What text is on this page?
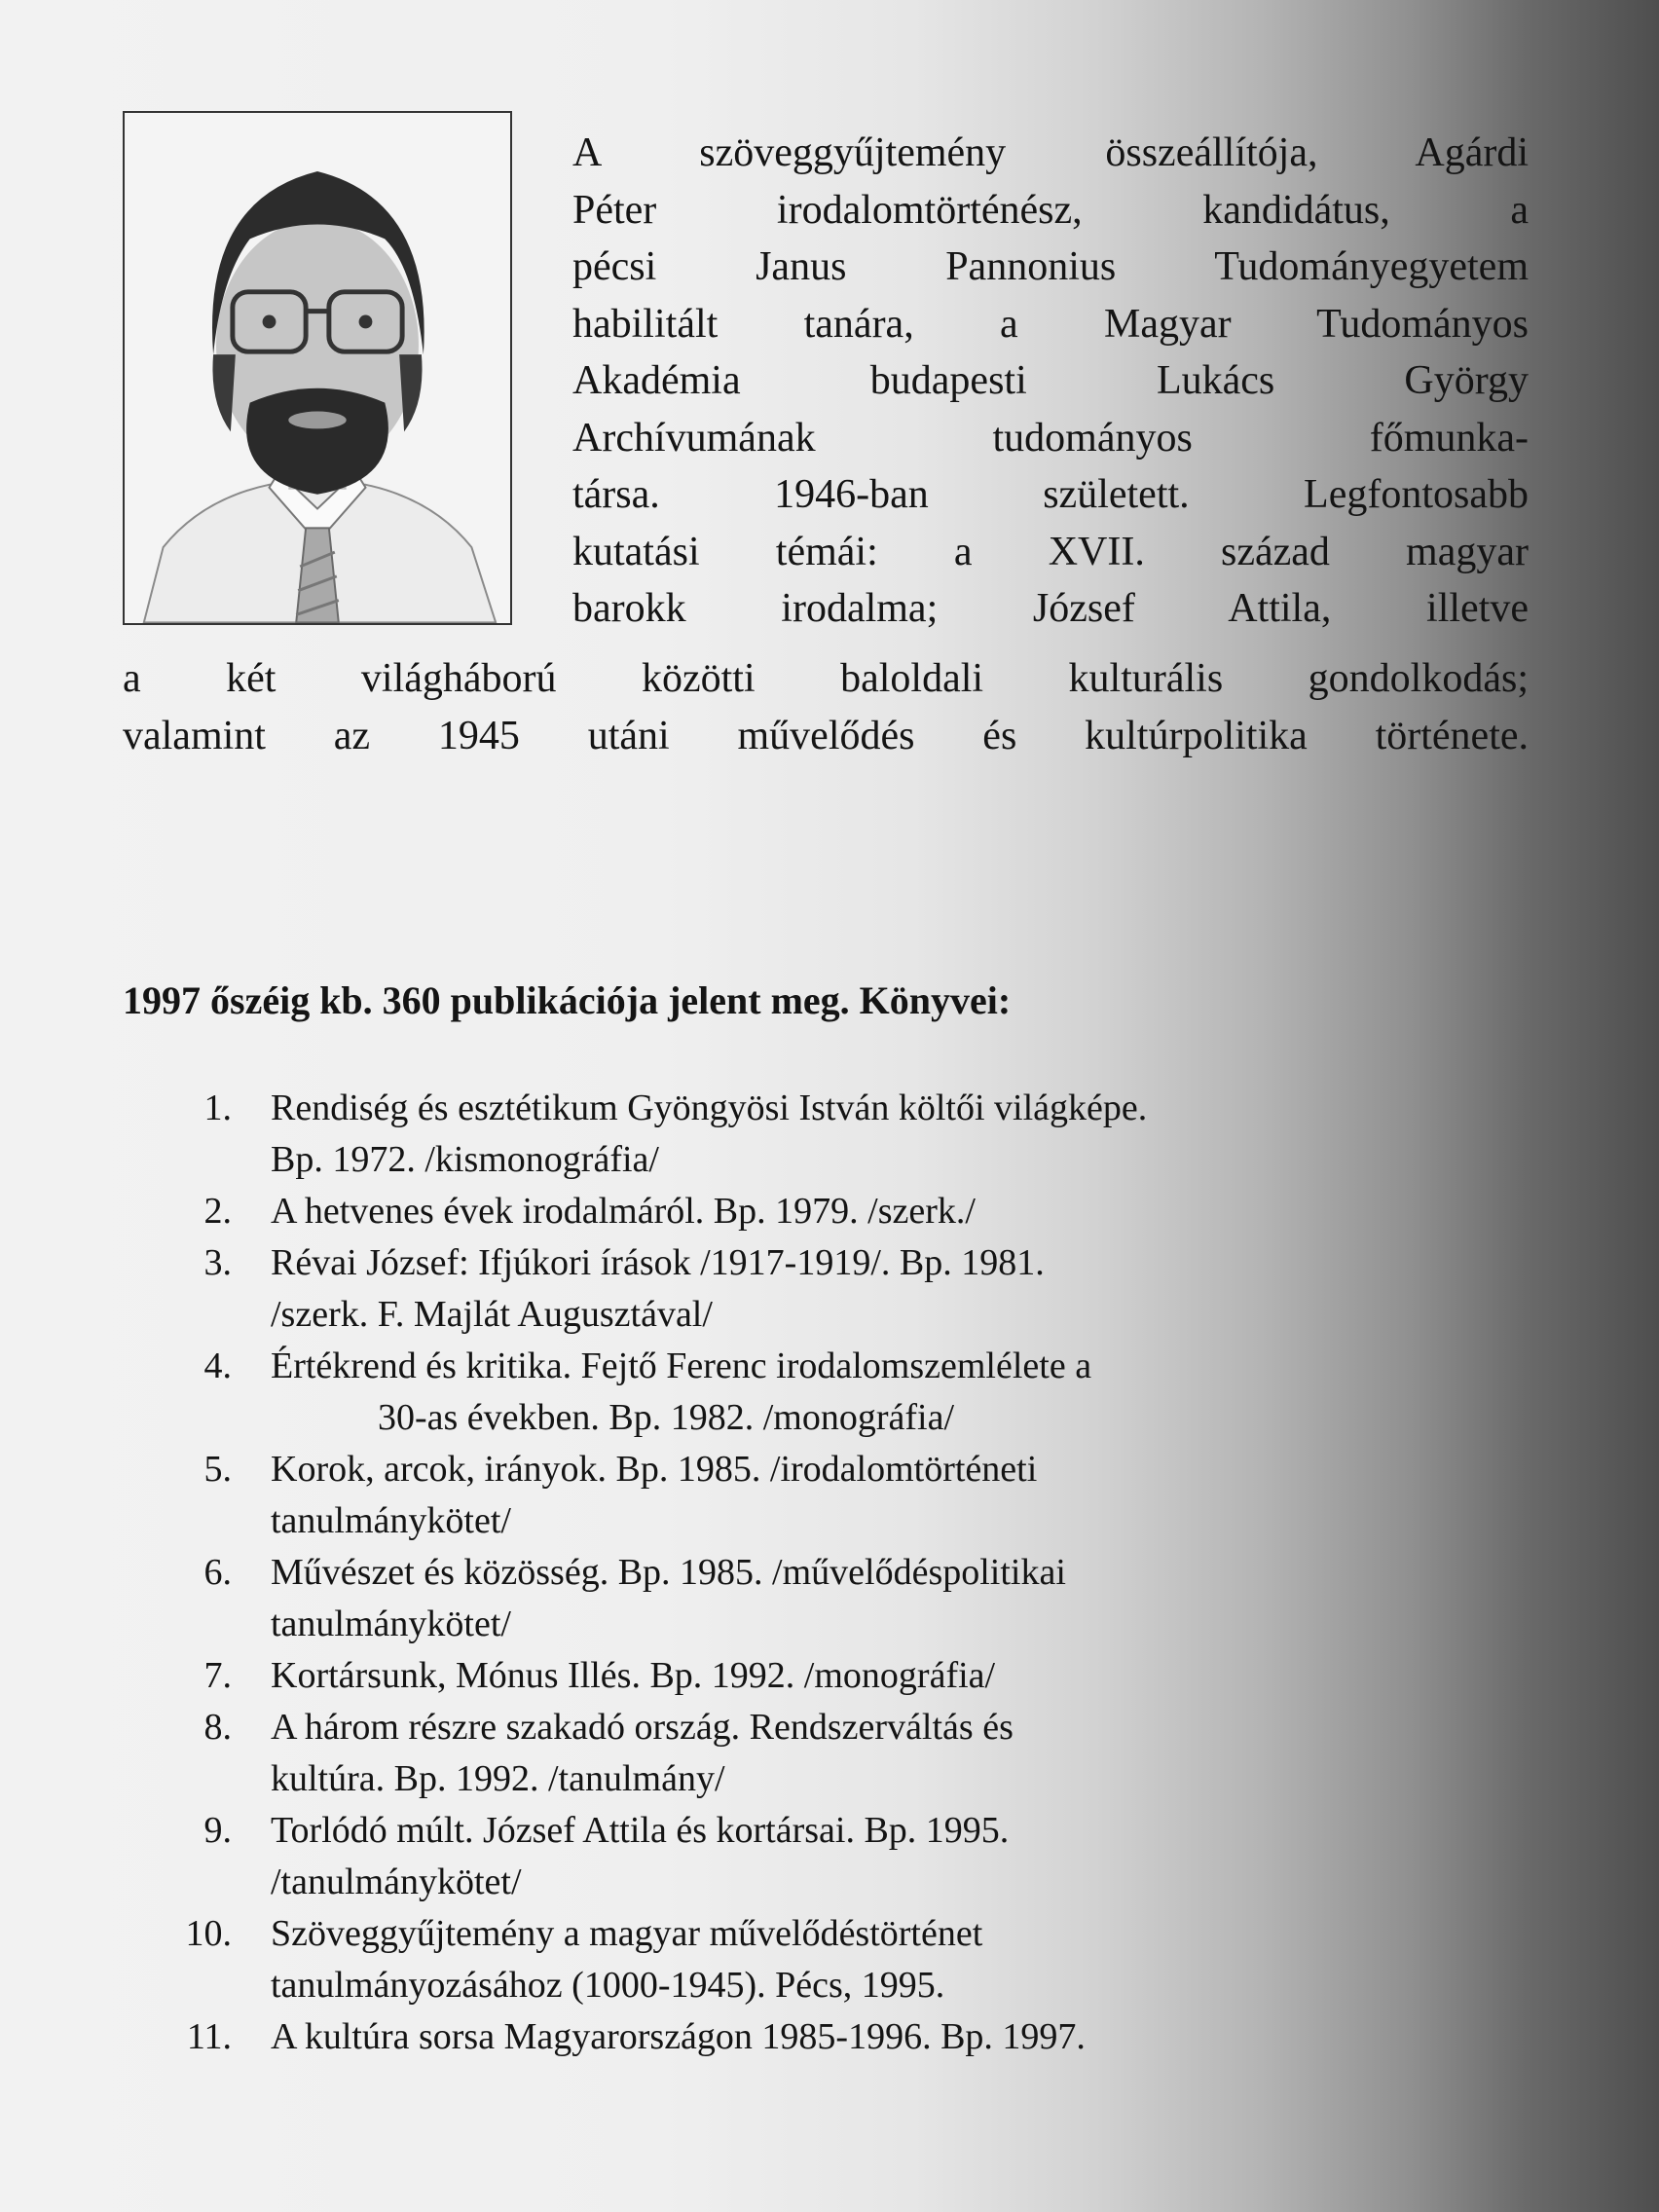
A szöveggyűjtemény összeállítója, Agárdi
Péter irodalomtörténész, kandidátus, a
pécsi Janus Pannonius Tudományegyetem
habilitált tanára, a Magyar Tudományos
Akadémia budapesti Lukács György
Archívumának tudományos főmunka-
társa. 1946-ban született. Legfontosabb
kutatási témái: a XVII. század magyar
barokk irodalma; József Attila, illetve
a két világháború közötti baloldali kulturális gondolkodás;
valamint az 1945 utáni művelődés és kultúrpolitika története.
1997 őszéig kb. 360 publikációja jelent meg. Könyvei:
1. Rendiség és esztétikum Gyöngyösi István költői világképe.
Bp. 1972. /kismonográfia/
2. A hetvenes évek irodalmáról. Bp. 1979. /szerk./
3. Révai József: Ifjúkori írások /1917-1919/. Bp. 1981.
/szerk. F. Majlát Augusztával/
4. Értékrend és kritika. Fejtő Ferenc irodalomszemlélete a
30-as években. Bp. 1982. /monográfia/
5. Korok, arcok, irányok. Bp. 1985. /irodalomtörténeti
tanulmánykötet/
6. Művészet és közösség. Bp. 1985. /művelődéspolitikai
tanulmánykötet/
7. Kortársunk, Mónus Illés. Bp. 1992. /monográfia/
8. A három részre szakadó ország. Rendszerváltás és
kultúra. Bp. 1992. /tanulmány/
9. Torlódó múlt. József Attila és kortársai. Bp. 1995.
/tanulmánykötet/
10. Szöveggyűjtemény a magyar művelődéstörténet
tanulmányozásához (1000-1945). Pécs, 1995.
11. A kultúra sorsa Magyarországon 1985-1996. Bp. 1997.
